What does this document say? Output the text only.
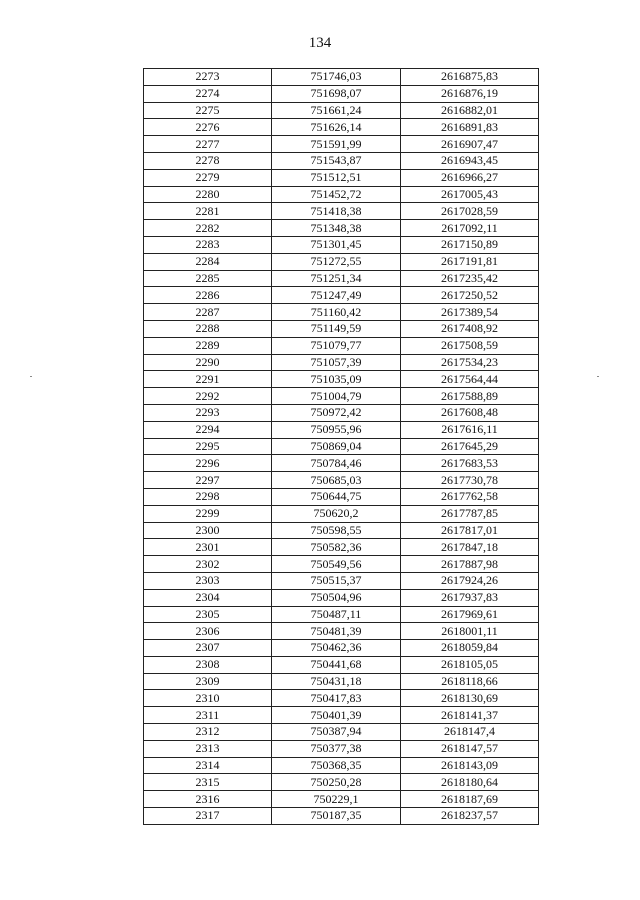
134
2273	751746,03	2616875,83
2274	751698,07	2616876,19
2275	751661,24	2616882,01
2276	751626,14	2616891,83
2277	751591,99	2616907,47
2278	751543,87	2616943,45
2279	751512,51	2616966,27
2280	751452,72	2617005,43
2281	751418,38	2617028,59
2282	751348,38	2617092,11
2283	751301,45	2617150,89
2284	751272,55	2617191,81
2285	751251,34	2617235,42
2286	751247,49	2617250,52
2287	751160,42	2617389,54
2288	751149,59	2617408,92
2289	751079,77	2617508,59
2290	751057,39	2617534,23
2291	751035,09	2617564,44
2292	751004,79	2617588,89
2293	750972,42	2617608,48
2294	750955,96	2617616,11
2295	750869,04	2617645,29
2296	750784,46	2617683,53
2297	750685,03	2617730,78
2298	750644,75	2617762,58
2299	750620,2	2617787,85
2300	750598,55	2617817,01
2301	750582,36	2617847,18
2302	750549,56	2617887,98
2303	750515,37	2617924,26
2304	750504,96	2617937,83
2305	750487,11	2617969,61
2306	750481,39	2618001,11
2307	750462,36	2618059,84
2308	750441,68	2618105,05
2309	750431,18	2618118,66
2310	750417,83	2618130,69
2311	750401,39	2618141,37
2312	750387,94	2618147,4
2313	750377,38	2618147,57
2314	750368,35	2618143,09
2315	750250,28	2618180,64
2316	750229,1	2618187,69
2317	750187,35	2618237,57
